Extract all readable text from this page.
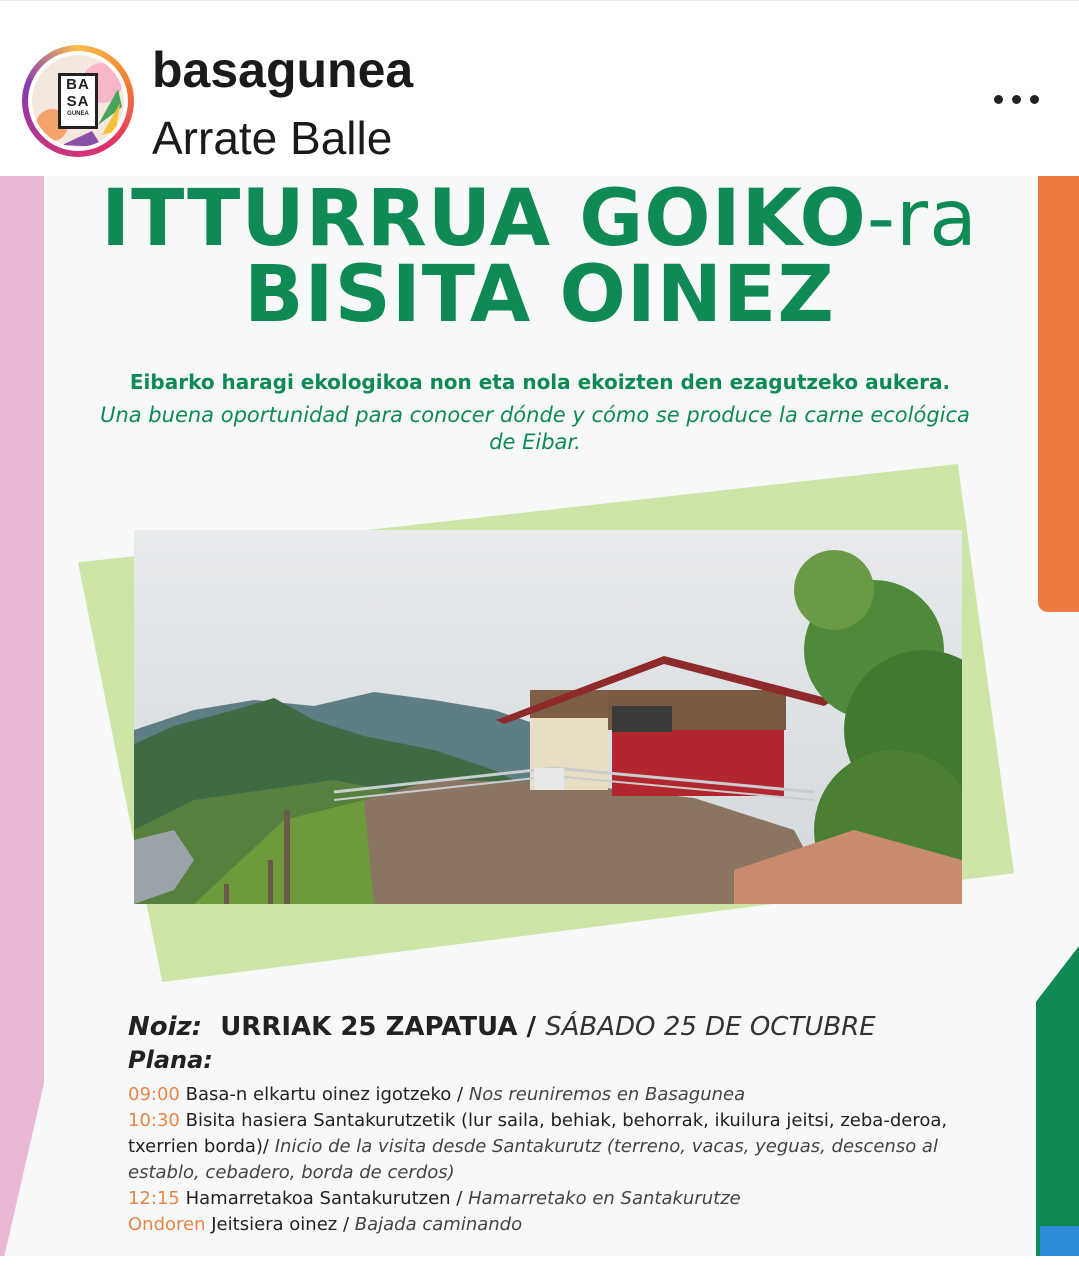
BA
SA
GUNEA
basagunea
Arrate Balle
ITTURRUA GOIKO-ra
BISITA OINEZ
Eibarko haragi ekologikoa non eta nola ekoizten den ezagutzeko aukera.
Una buena oportunidad para conocer dónde y cómo se produce la carne ecológica de Eibar.
Noiz: URRIAK 25 ZAPATUA / SÁBADO 25 DE OCTUBRE
Plana:
09:00 Basa-n elkartu oinez igotzeko / Nos reuniremos en Basagunea
10:30 Bisita hasiera Santakurutzetik (lur saila, behiak, behorrak, ikuilura jeitsi, zeba-deroa, txerrien borda)/ Inicio de la visita desde Santakurutz (terreno, vacas, yeguas, descenso al establo, cebadero, borda de cerdos)
12:15 Hamarretakoa Santakurutzen / Hamarretako en Santakurutze
Ondoren Jeitsiera oinez / Bajada caminando
